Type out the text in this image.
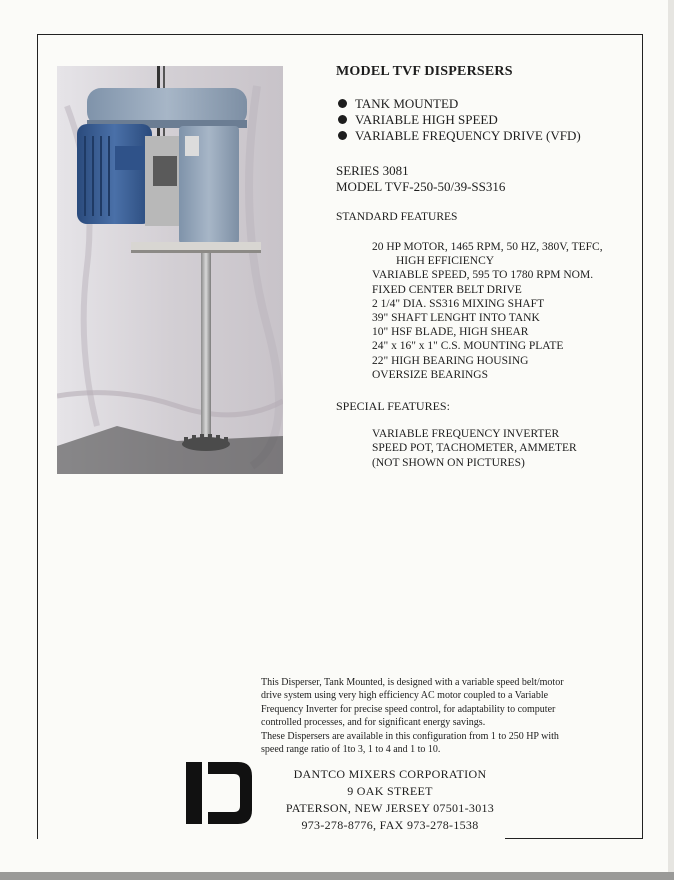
MODEL TVF DISPERSERS
TANK MOUNTED
VARIABLE HIGH SPEED
VARIABLE FREQUENCY DRIVE (VFD)
SERIES 3081
MODEL TVF-250-50/39-SS316
STANDARD FEATURES
20 HP MOTOR, 1465 RPM, 50 HZ, 380V, TEFC,
HIGH EFFICIENCY
VARIABLE SPEED, 595 TO 1780 RPM NOM.
FIXED CENTER BELT DRIVE
2 1/4" DIA. SS316 MIXING SHAFT
39" SHAFT LENGHT INTO TANK
10" HSF BLADE, HIGH SHEAR
24" x 16" x 1" C.S. MOUNTING PLATE
22" HIGH BEARING HOUSING
OVERSIZE BEARINGS
SPECIAL FEATURES:
VARIABLE FREQUENCY INVERTER
SPEED POT, TACHOMETER, AMMETER
(NOT SHOWN ON PICTURES)
This Disperser, Tank Mounted, is designed with a variable speed belt/motor
drive system using very high efficiency AC motor coupled to a Variable
Frequency Inverter for precise speed control, for adaptability to computer
controlled processes, and for significant energy savings.
These Dispersers are available in this configuration from 1 to 250 HP with
speed range ratio of 1to 3, 1 to 4 and 1 to 10.
DANTCO MIXERS CORPORATION
9 OAK STREET
PATERSON, NEW JERSEY 07501-3013
973-278-8776, FAX 973-278-1538
